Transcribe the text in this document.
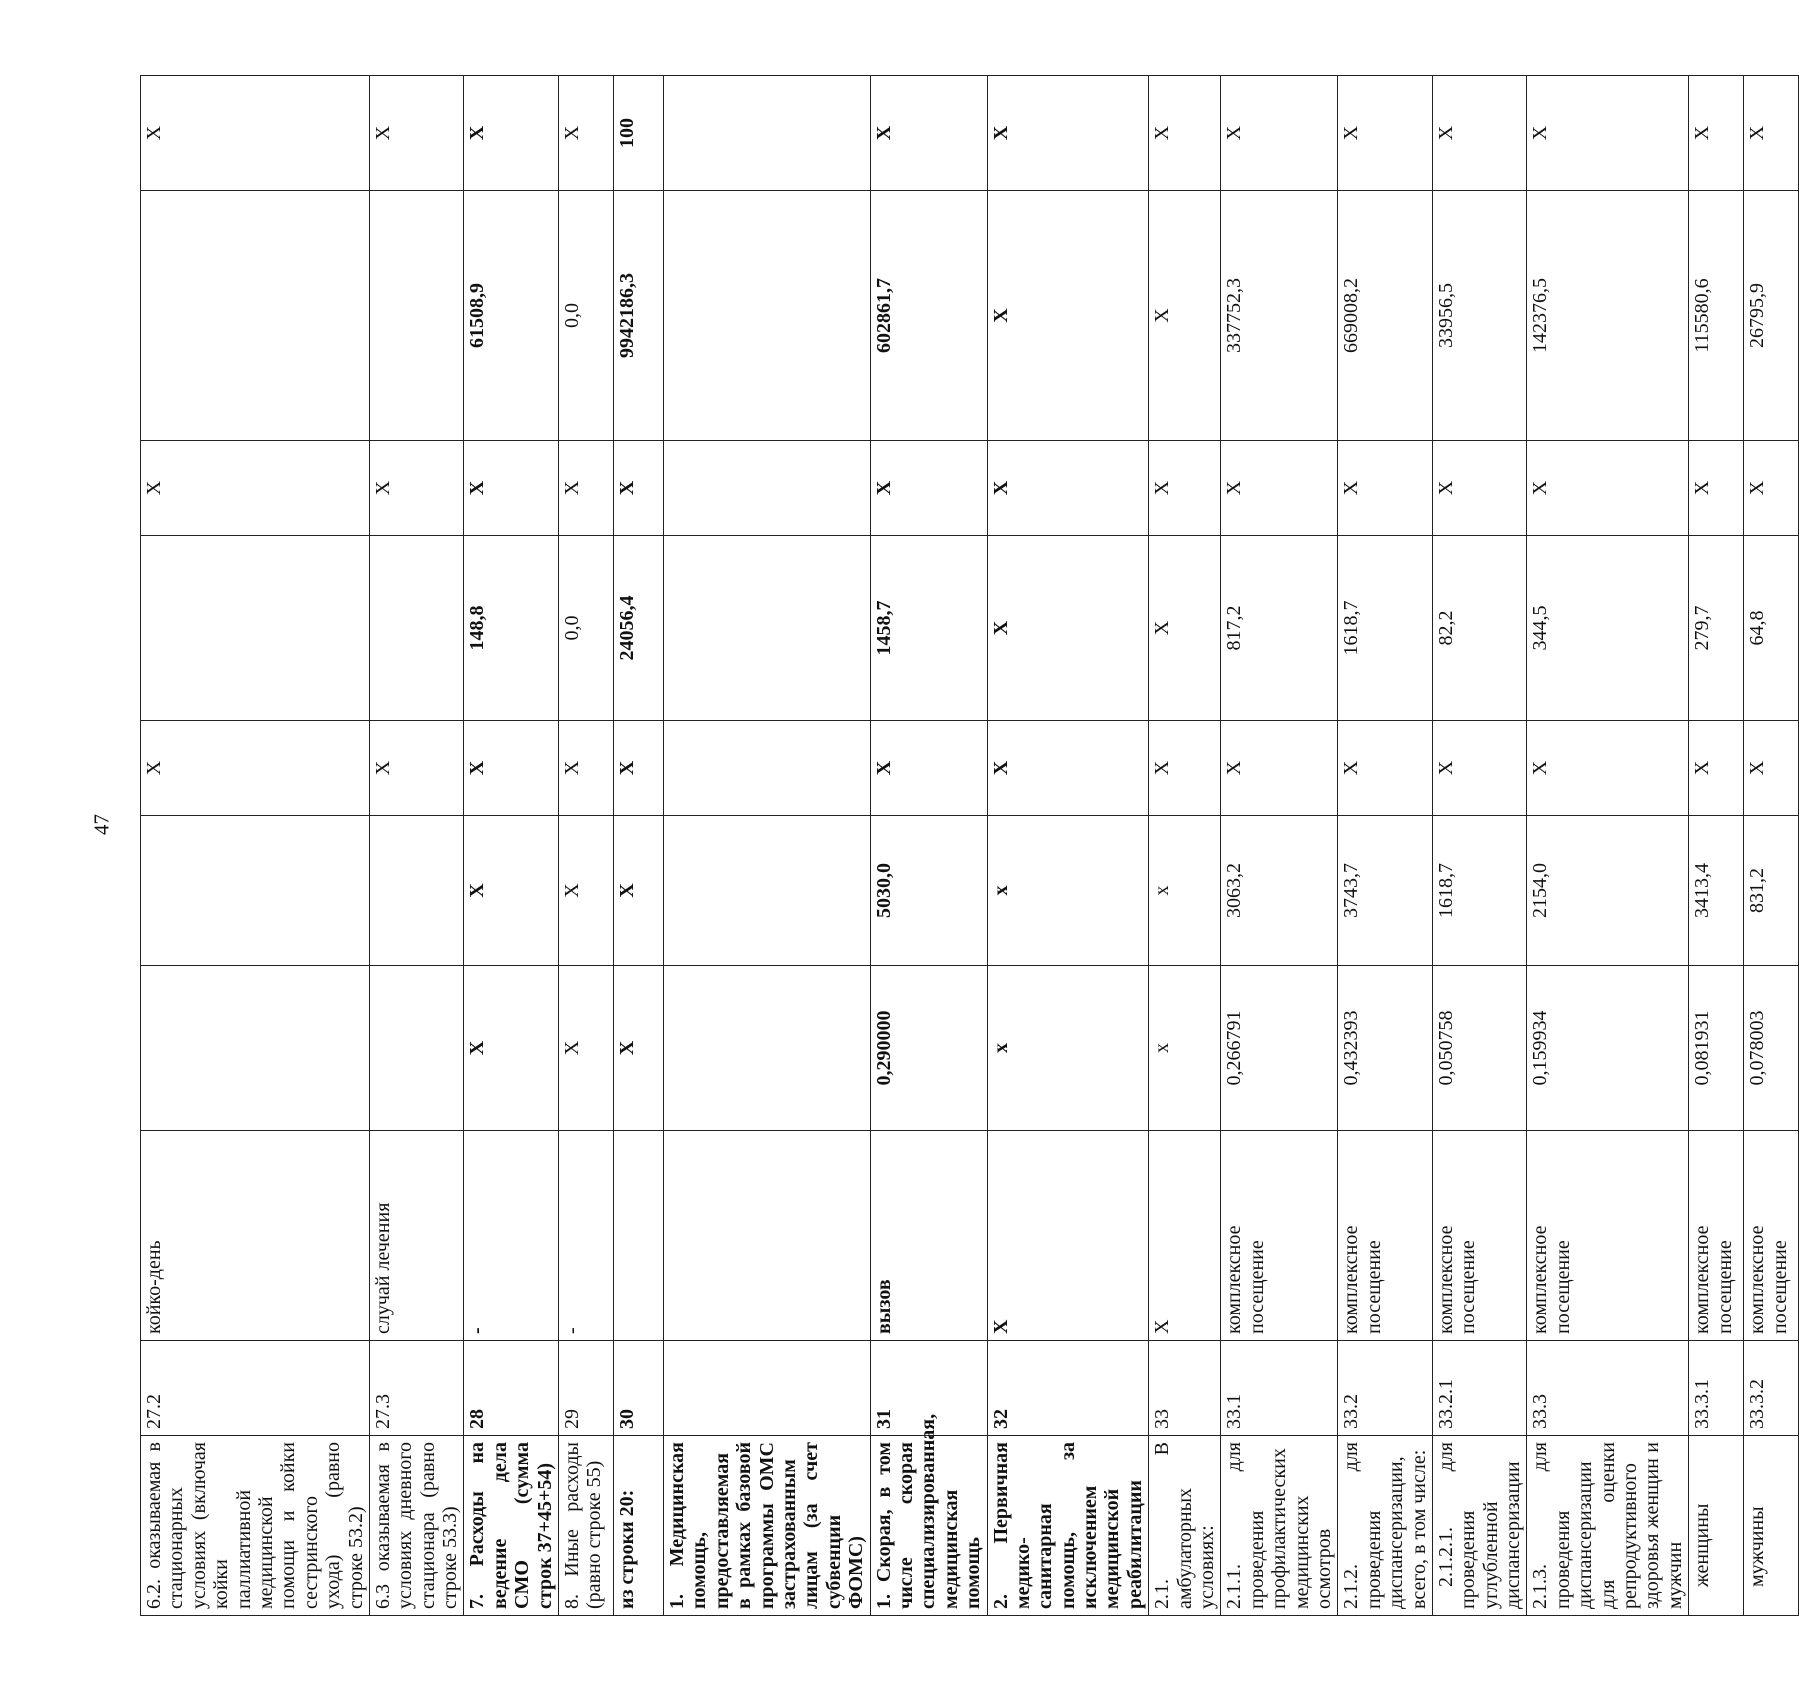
47
6.2. оказываемая в стационарных условиях (включая койки паллиативной медицинской помощи и койки сестринского ухода) (равно строке 53.2)	27.2	койко-день			Х		Х		Х
6.3 оказываемая в условиях дневного стационара (равно строке 53.3)	27.3	случай лечения			Х		Х		Х
7. Расходы на ведение дела СМО (сумма строк 37+45+54)	28	-	Х	Х	Х	148,8	Х	61508,9	Х
8. Иные расходы (равно строке 55)	29	-	Х	Х	Х	0,0	Х	0,0	Х
из строки 20:	30		Х	Х	Х	24056,4	Х	9942186,3	100
1. Медицинская помощь, предоставляемая в рамках базовой программы ОМС застрахованным лицам (за счет субвенции ФОМС)									
1. Скорая, в том числе скорая специализированная, медицинская помощь	31	вызов	0,290000	5030,0	Х	1458,7	Х	602861,7	Х
2. Первичная медико-санитарная помощь, за исключением медицинской реабилитации	32	Х	х	х	Х	Х	Х	Х	Х
2.1. В амбулаторных условиях:	33	Х	х	х	Х	Х	Х	Х	Х
2.1.1. для проведения профилактических медицинских осмотров	33.1	комплексное посещение	0,266791	3063,2	Х	817,2	Х	337752,3	Х
2.1.2. для проведения диспансеризации, всего, в том числе:	33.2	комплексное посещение	0,432393	3743,7	Х	1618,7	Х	669008,2	Х
2.1.2.1. для проведения углубленной диспансеризации	33.2.1	комплексное посещение	0,050758	1618,7	Х	82,2	Х	33956,5	Х
2.1.3. для проведения диспансеризации для оценки репродуктивного здоровья женщин и мужчин	33.3	комплексное посещение	0,159934	2154,0	Х	344,5	Х	142376,5	Х
женщины	33.3.1	комплексное посещение	0,081931	3413,4	Х	279,7	Х	115580,6	Х
мужчины	33.3.2	комплексное посещение	0,078003	831,2	Х	64,8	Х	26795,9	Х
